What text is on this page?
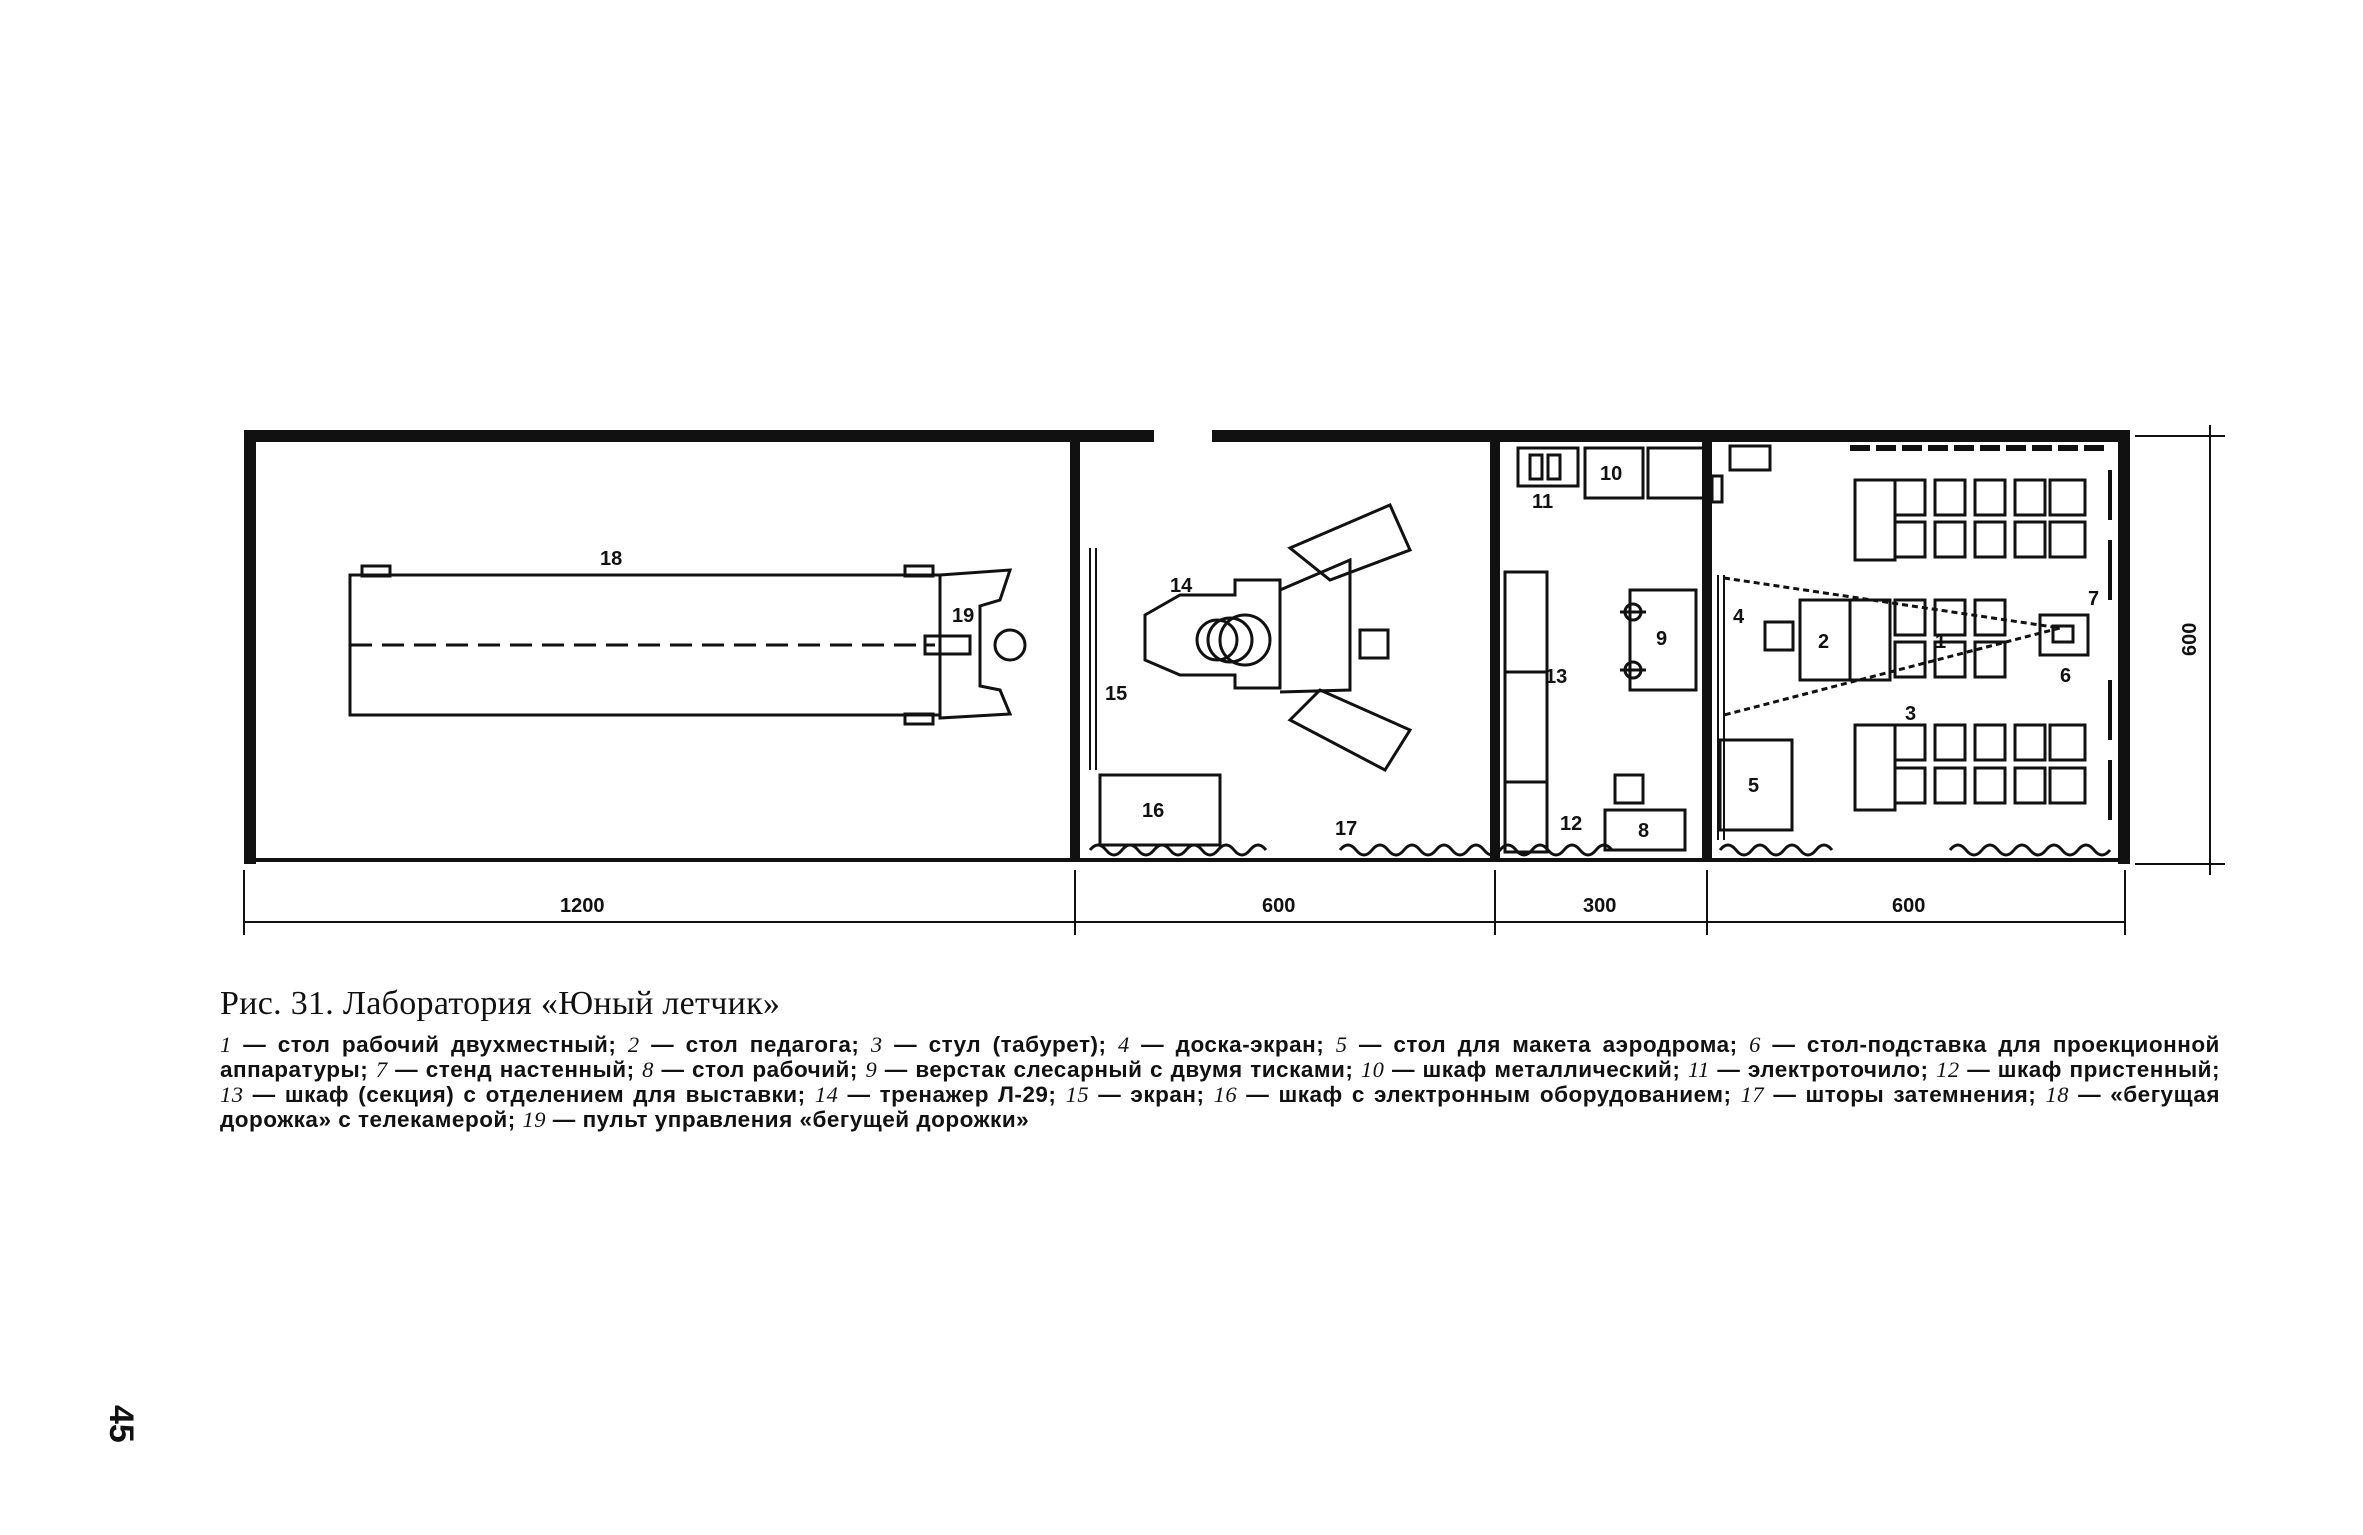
1200	600	300	600
600
1
2
3
4
5
6
7
8
9
10
11
12
13
14
15
16
17
18
19
Рис. 31. Лаборатория «Юный летчик»
1 — стол рабочий двухместный; 2 — стол педагога; 3 — стул (табурет); 4 — доска-экран; 5 — стол для макета аэродрома; 6 — стол-подставка для проекционной аппаратуры; 7 — стенд настенный; 8 — стол рабочий; 9 — верстак слесарный с двумя тисками; 10 — шкаф металлический; 11 — электроточило; 12 — шкаф пристенный; 13 — шкаф (секция) с отделением для выставки; 14 — тренажер Л-29; 15 — экран; 16 — шкаф с электронным оборудованием; 17 — шторы затемнения; 18 — «бегущая дорожка» с телекамерой; 19 — пульт управления «бегущей дорожки»
45
